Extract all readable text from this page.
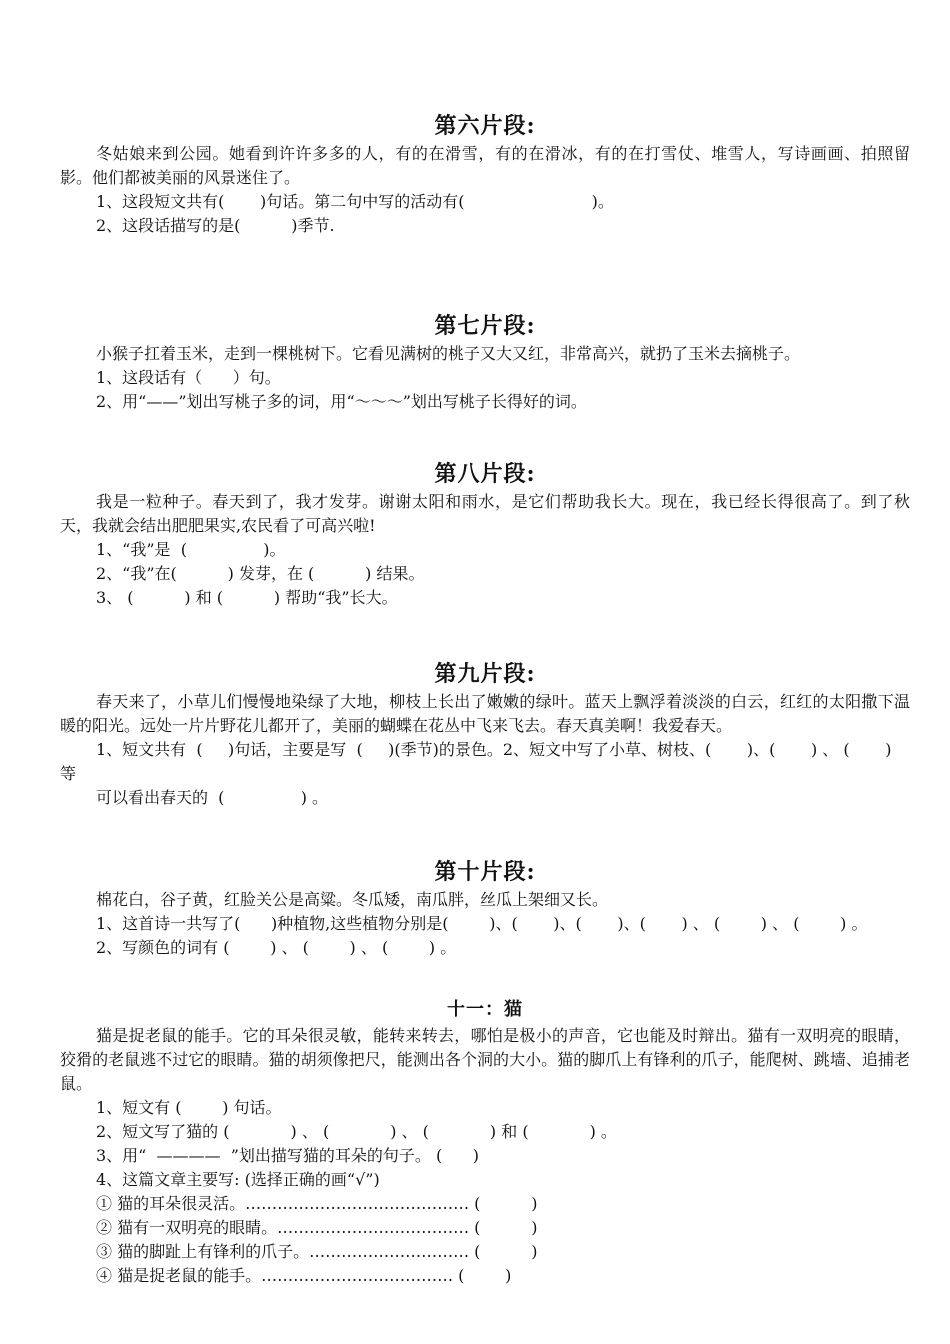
第六片段:

冬姑娘来到公园。她看到许许多多的人，有的在滑雪，有的在滑冰，有的在打雪仗、堆雪人，写诗画画、拍照留影。他们都被美丽的风景迷住了。

1、这段短文共有(       )句话。第二句中写的活动有(                         )。

2、这段话描写的是(          )季节.

第七片段:

小猴子扛着玉米，走到一棵桃树下。它看见满树的桃子又大又红，非常高兴，就扔了玉米去摘桃子。

1、这段话有（      ）句。

2、用“——”划出写桃子多的词，用“～～～”划出写桃子长得好的词。

第八片段:

我是一粒种子。春天到了，我才发芽。谢谢太阳和雨水，是它们帮助我长大。现在，我已经长得很高了。到了秋天，我就会结出肥肥果实,农民看了可高兴啦!

1、“我”是  (               )。

2、“我”在(          ) 发芽，在 (          ) 结果。

3、 (          ) 和 (          ) 帮助“我”长大。

第九片段:

春天来了，小草儿们慢慢地染绿了大地，柳枝上长出了嫩嫩的绿叶。蓝天上飘浮着淡淡的白云，红红的太阳撒下温暖的阳光。远处一片片野花儿都开了，美丽的蝴蝶在花丛中飞来飞去。春天真美啊！我爱春天。

1、短文共有  (     )句话，主要是写  (     )(季节)的景色。2、短文中写了小草、树枝、(       )、(       ) 、 (       ) 等

可以看出春天的  (               ) 。

第十片段:

棉花白，谷子黄，红脸关公是高粱。冬瓜矮，南瓜胖，丝瓜上架细又长。

1、这首诗一共写了(      )种植物,这些植物分别是(        )、(       )、(       )、(       ) 、 (        ) 、 (        ) 。

2、写颜色的词有 (        ) 、 (        ) 、 (        ) 。

十一：猫

猫是捉老鼠的能手。它的耳朵很灵敏，能转来转去，哪怕是极小的声音，它也能及时辩出。猫有一双明亮的眼睛，狡猾的老鼠逃不过它的眼睛。猫的胡须像把尺，能测出各个洞的大小。猫的脚爪上有锋利的爪子，能爬树、跳墙、追捕老鼠。

1、短文有 (        ) 句话。

2、短文写了猫的 (            ) 、 (            ) 、 (            ) 和 (            ) 。

3、用“  ————  ”划出描写猫的耳朵的句子。 (      )

4、这篇文章主要写: (选择正确的画“√”)

① 猫的耳朵很灵活。…………………………………… (          )

② 猫有一双明亮的眼睛。……………………………… (          )

③ 猫的脚趾上有锋利的爪子。………………………… (          )

④ 猫是捉老鼠的能手。……………………………… (        )
